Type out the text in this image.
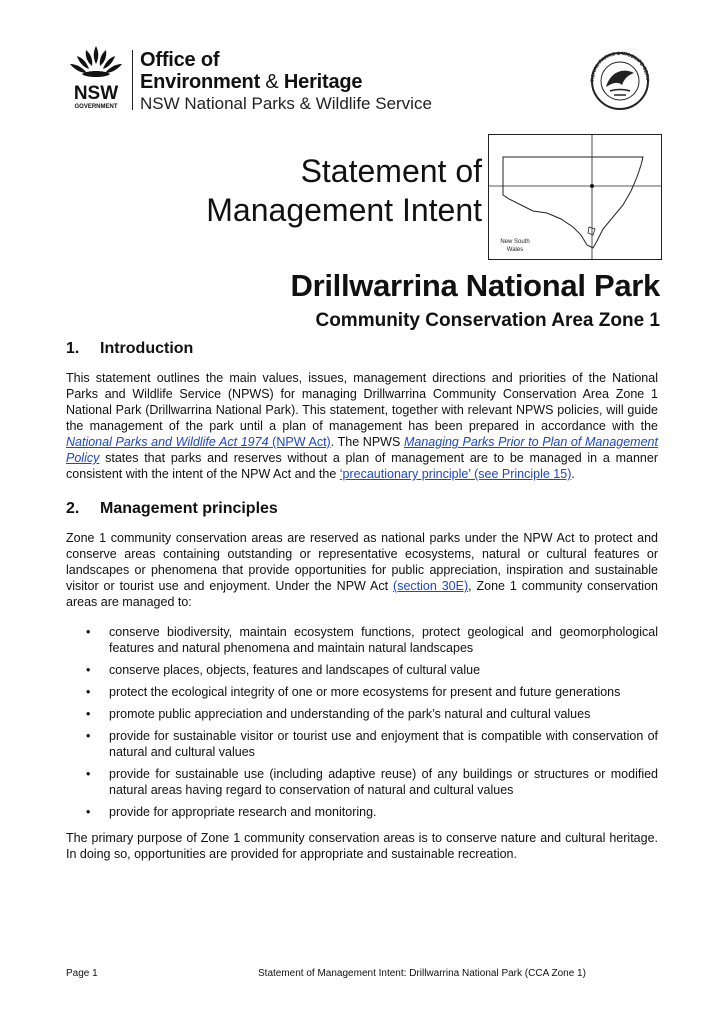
NSW
GOVERNMENT
Office of
Environment & Heritage
NSW National Parks & Wildlife Service
TIONAL PARKS & WILDLIFE SERV
Statement of
Management Intent
New South
Wales
Drillwarrina National Park
Community Conservation Area Zone 1
1. Introduction

This statement outlines the main values, issues, management directions and priorities of the National Parks and Wildlife Service (NPWS) for managing Drillwarrina Community Conservation Area Zone 1 National Park (Drillwarrina National Park). This statement, together with relevant NPWS policies, will guide the management of the park until a plan of management has been prepared in accordance with the National Parks and Wildlife Act 1974 (NPW Act). The NPWS Managing Parks Prior to Plan of Management Policy states that parks and reserves without a plan of management are to be managed in a manner consistent with the intent of the NPW Act and the ‘precautionary principle’ (see Principle 15).

2. Management principles

Zone 1 community conservation areas are reserved as national parks under the NPW Act to protect and conserve areas containing outstanding or representative ecosystems, natural or cultural features or landscapes or phenomena that provide opportunities for public appreciation, inspiration and sustainable visitor or tourist use and enjoyment. Under the NPW Act (section 30E), Zone 1 community conservation areas are managed to:

• conserve biodiversity, maintain ecosystem functions, protect geological and geomorphological features and natural phenomena and maintain natural landscapes
• conserve places, objects, features and landscapes of cultural value
• protect the ecological integrity of one or more ecosystems for present and future generations
• promote public appreciation and understanding of the park’s natural and cultural values
• provide for sustainable visitor or tourist use and enjoyment that is compatible with conservation of natural and cultural values
• provide for sustainable use (including adaptive reuse) of any buildings or structures or modified natural areas having regard to conservation of natural and cultural values
• provide for appropriate research and monitoring.

The primary purpose of Zone 1 community conservation areas is to conserve nature and cultural heritage. In doing so, opportunities are provided for appropriate and sustainable recreation.

Page 1	Statement of Management Intent: Drillwarrina National Park (CCA Zone 1)
